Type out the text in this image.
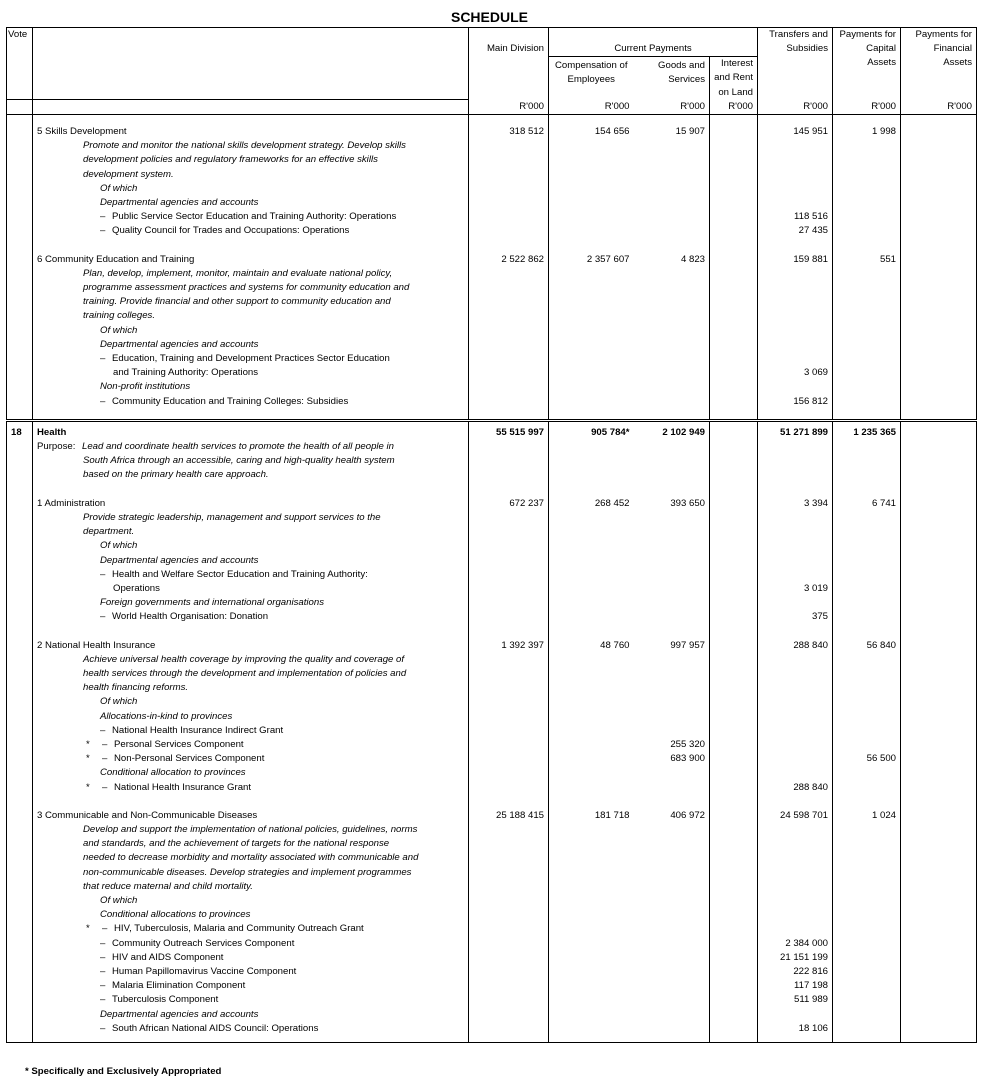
SCHEDULE
Vote		Main Division	Current Payments			Transfers and Subsidies	Payments for Capital Assets	Payments for Financial Assets

			Compensation of Employees	Goods and Services	Interest and Rent on Land			
		R'000	R'000	R'000	R'000	R'000	R'000	R'000

	5 Skills Development	318 512	154 656	15 907		145 951	1 998	
	Promote and monitor the national skills development strategy. Develop skills							
	development policies and regulatory frameworks for an effective skills							
	development system.							
	Of which							
	Departmental agencies and accounts							
	– Public Service Sector Education and Training Authority: Operations					118 516		
	– Quality Council for Trades and Occupations: Operations					27 435		

	6 Community Education and Training	2 522 862	2 357 607	4 823		159 881	551	
	Plan, develop, implement, monitor, maintain and evaluate national policy,							
	programme assessment practices and systems for community education and							
	training. Provide financial and other support to community education and							
	training colleges.							
	Of which							
	Departmental agencies and accounts							
	– Education, Training and Development Practices Sector Education							
	and Training Authority: Operations					3 069		
	Non-profit institutions							
	– Community Education and Training Colleges: Subsidies					156 812		

18	Health	55 515 997	905 784*	2 102 949		51 271 899	1 235 365	
	Purpose: Lead and coordinate health services to promote the health of all people in							
	South Africa through an accessible, caring and high-quality health system							
	based on the primary health care approach.							

	1 Administration	672 237	268 452	393 650		3 394	6 741	
	Provide strategic leadership, management and support services to the							
	department.							
	Of which							
	Departmental agencies and accounts							
	– Health and Welfare Sector Education and Training Authority:							
	Operations					3 019		
	Foreign governments and international organisations							
	– World Health Organisation: Donation					375		

	2 National Health Insurance	1 392 397	48 760	997 957		288 840	56 840	
	Achieve universal health coverage by improving the quality and coverage of							
	health services through the development and implementation of policies and							
	health financing reforms.							
	Of which							
	Allocations-in-kind to provinces							
	– National Health Insurance Indirect Grant							
	* – Personal Services Component			255 320				
	* – Non-Personal Services Component			683 900			56 500	
	Conditional allocation to provinces							
	* – National Health Insurance Grant					288 840		

	3 Communicable and Non-Communicable Diseases	25 188 415	181 718	406 972		24 598 701	1 024	
	Develop and support the implementation of national policies, guidelines, norms							
	and standards, and the achievement of targets for the national response							
	needed to decrease morbidity and mortality associated with communicable and							
	non-communicable diseases. Develop strategies and implement programmes							
	that reduce maternal and child mortality.							
	Of which							
	Conditional allocations to provinces							
	* – HIV, Tuberculosis, Malaria and Community Outreach Grant							
	– Community Outreach Services Component					2 384 000		
	– HIV and AIDS Component					21 151 199		
	– Human Papillomavirus Vaccine Component					222 816		
	– Malaria Elimination Component					117 198		
	– Tuberculosis Component					511 989		
	Departmental agencies and accounts							
	– South African National AIDS Council: Operations					18 106		

* Specifically and Exclusively Appropriated
